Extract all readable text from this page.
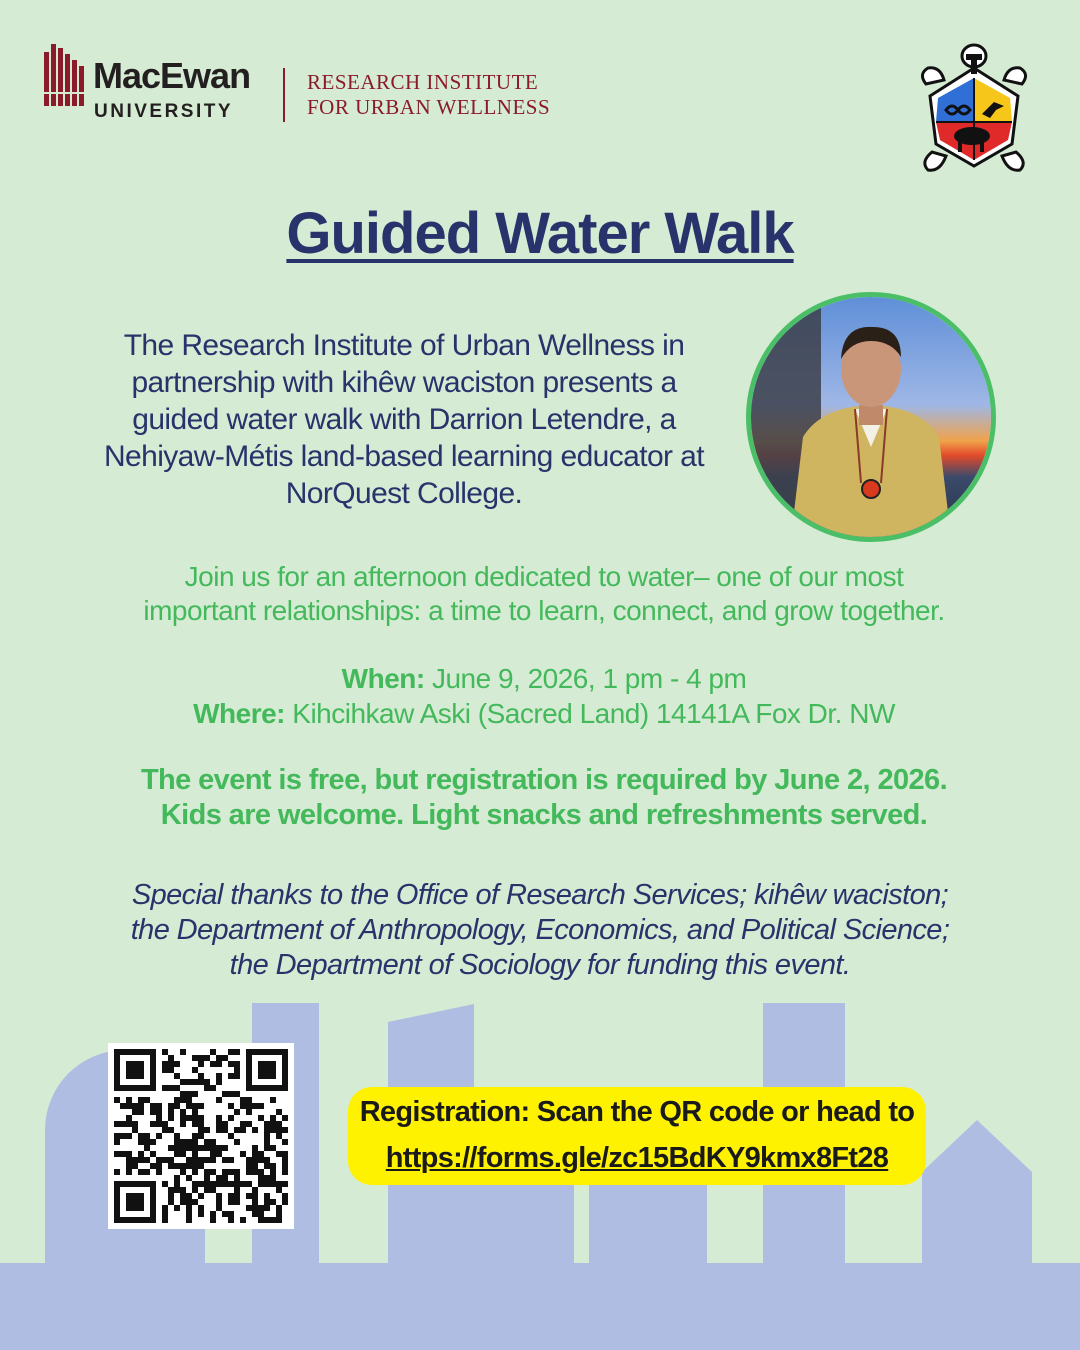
MacEwan
UNIVERSITY
RESEARCH INSTITUTE
FOR URBAN WELLNESS
Guided Water Walk
The Research Institute of Urban Wellness in
partnership with kihêw waciston presents a
guided water walk with Darrion Letendre, a
Nehiyaw-Métis land-based learning educator at
NorQuest College.
Join us for an afternoon dedicated to water– one of our most
important relationships: a time to learn, connect, and grow together.
When: June 9, 2026, 1 pm - 4 pm
Where: Kihcihkaw Aski (Sacred Land) 14141A Fox Dr. NW
The event is free, but registration is required by June 2, 2026.
Kids are welcome. Light snacks and refreshments served.
Special thanks to the Office of Research Services; kihêw waciston;
the Department of Anthropology, Economics, and Political Science;
the Department of Sociology for funding this event.
Registration: Scan the QR code or head to
https://forms.gle/zc15BdKY9kmx8Ft28
